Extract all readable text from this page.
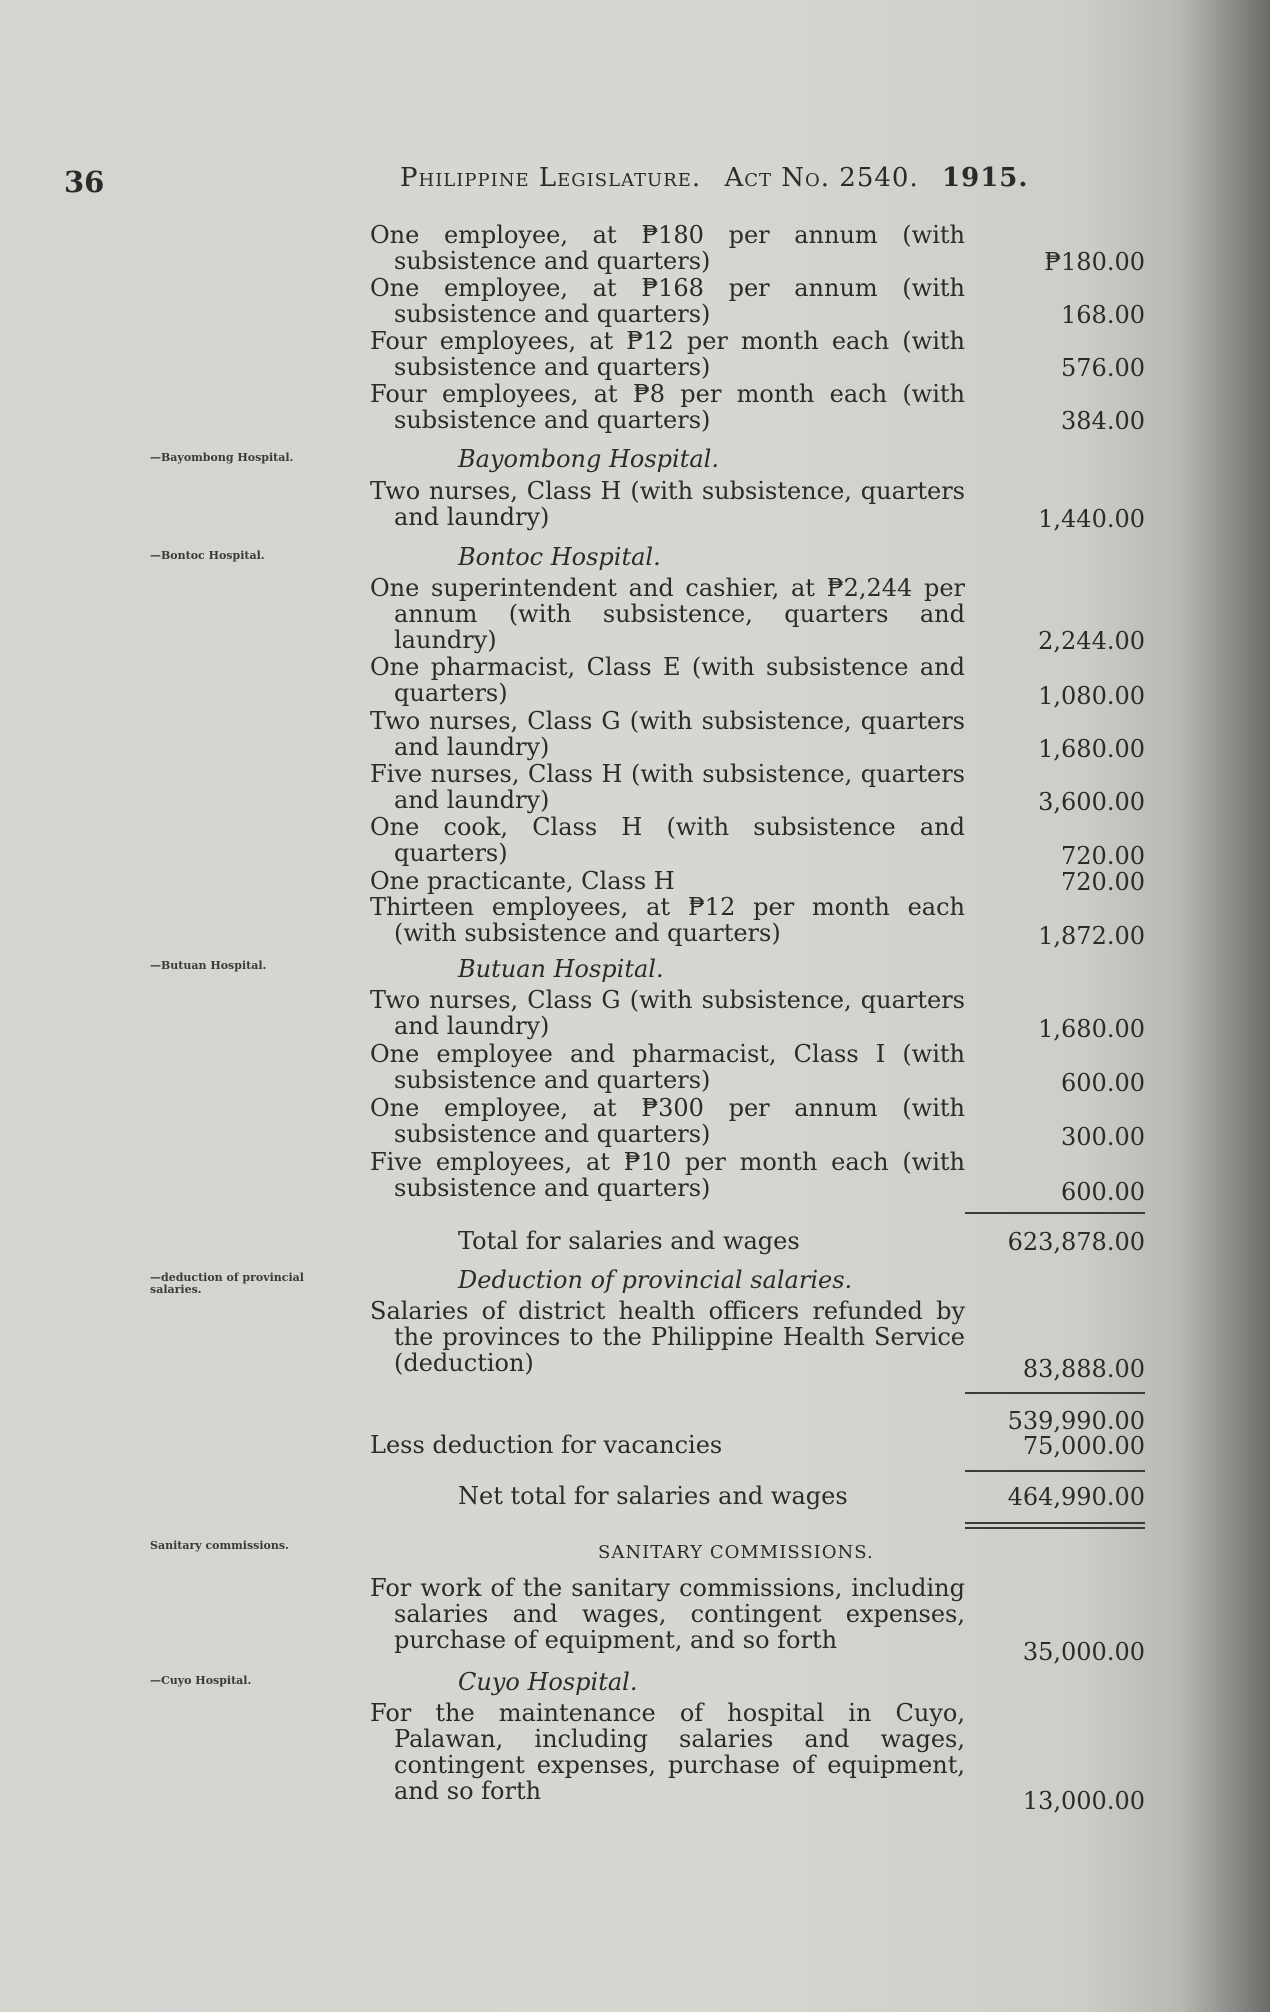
36	Philippine Legislature. Act No. 2540. 1915.
One employee, at ₱180 per annum (with subsistence and quarters)	₱180.00
One employee, at ₱168 per annum (with subsistence and quarters)	168.00
Four employees, at ₱12 per month each (with subsistence and quarters)	576.00
Four employees, at ₱8 per month each (with subsistence and quarters)	384.00
—Bayombong Hospital.	Bayombong Hospital.
Two nurses, Class H (with subsistence, quarters and laundry)	1,440.00
—Bontoc Hospital.	Bontoc Hospital.
One superintendent and cashier, at ₱2,244 per annum (with subsistence, quarters and laundry)	2,244.00
One pharmacist, Class E (with subsistence and quarters)	1,080.00
Two nurses, Class G (with subsistence, quarters and laundry)	1,680.00
Five nurses, Class H (with subsistence, quarters and laundry)	3,600.00
One cook, Class H (with subsistence and quarters)	720.00
One practicante, Class H	720.00
Thirteen employees, at ₱12 per month each (with subsistence and quarters)	1,872.00
—Butuan Hospital.	Butuan Hospital.
Two nurses, Class G (with subsistence, quarters and laundry)	1,680.00
One employee and pharmacist, Class I (with subsistence and quarters)	600.00
One employee, at ₱300 per annum (with subsistence and quarters)	300.00
Five employees, at ₱10 per month each (with subsistence and quarters)	600.00
Total for salaries and wages	623,878.00
—deduction of provincial salaries.	Deduction of provincial salaries.
Salaries of district health officers refunded by the provinces to the Philippine Health Service (deduction)	83,888.00
539,990.00
Less deduction for vacancies	75,000.00
Net total for salaries and wages	464,990.00
Sanitary commissions.	SANITARY COMMISSIONS.
For work of the sanitary commissions, including salaries and wages, contingent expenses, purchase of equipment, and so forth	35,000.00
—Cuyo Hospital.	Cuyo Hospital.
For the maintenance of hospital in Cuyo, Palawan, including salaries and wages, contingent expenses, purchase of equipment, and so forth	13,000.00
